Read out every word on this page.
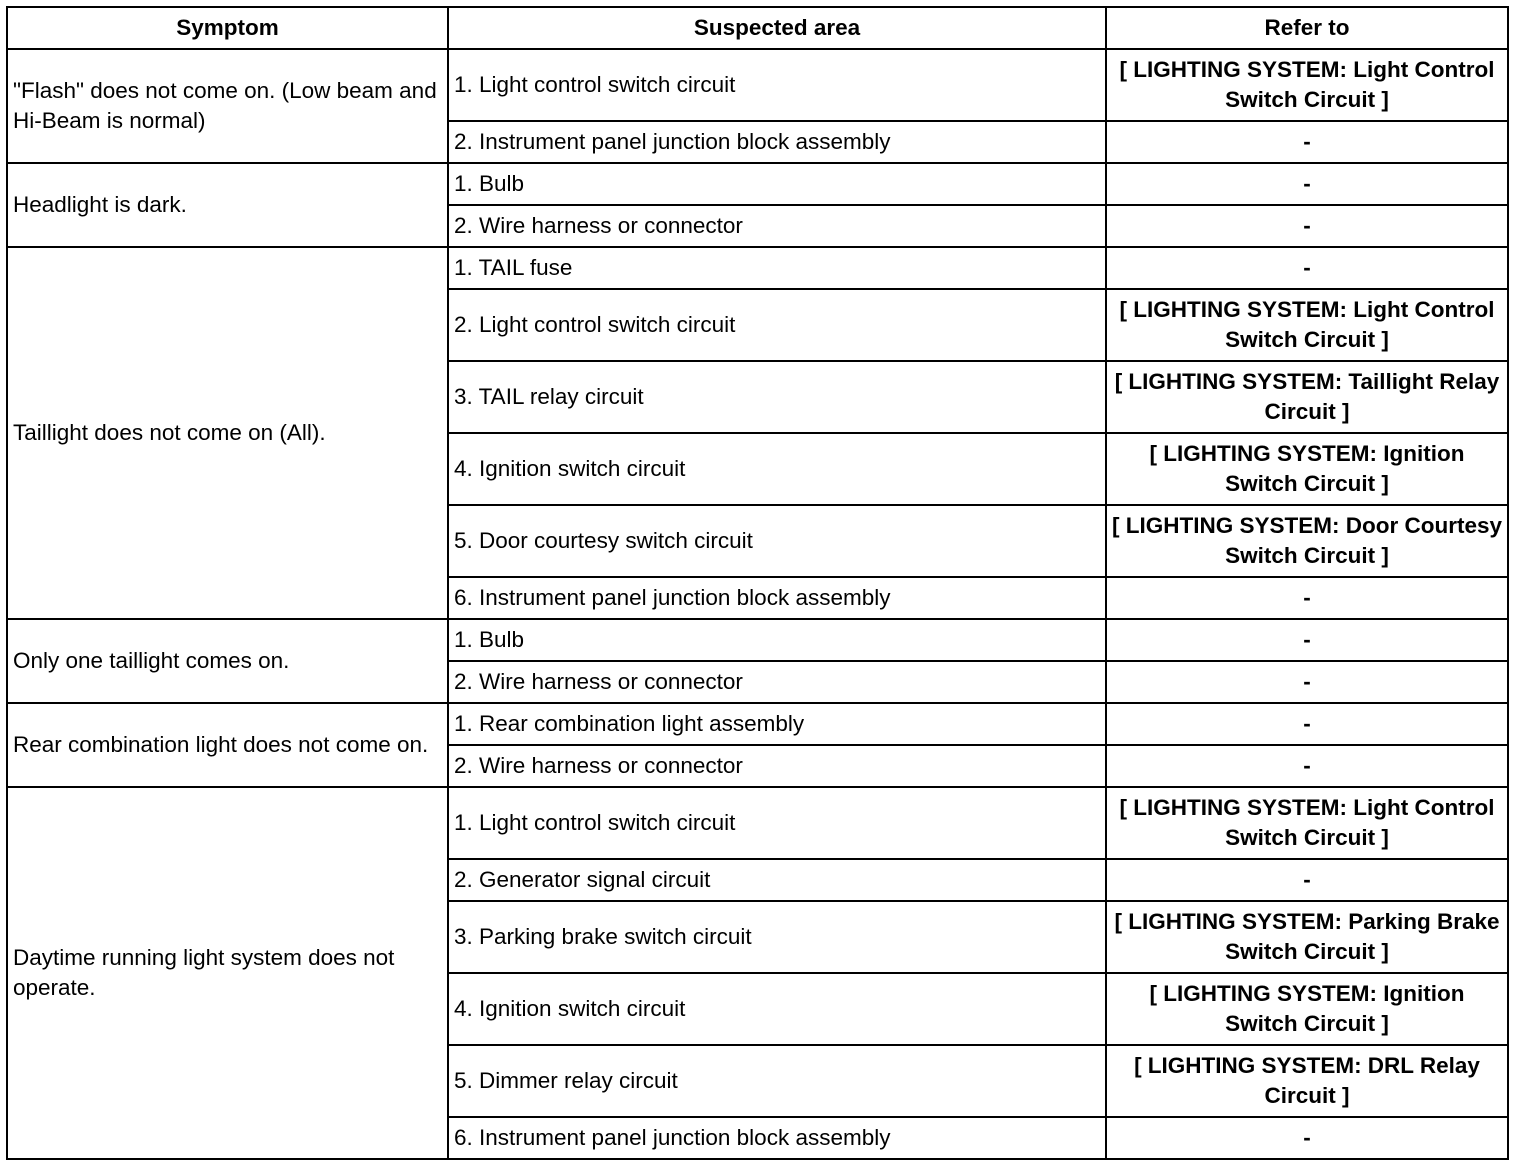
Symptom	Suspected area	Refer to
"Flash" does not come on. (Low beam and Hi-Beam is normal)	1. Light control switch circuit	[ LIGHTING SYSTEM: Light Control Switch Circuit ]
	2. Instrument panel junction block assembly	-
Headlight is dark.	1. Bulb	-
	2. Wire harness or connector	-
Taillight does not come on (All).	1. TAIL fuse	-
	2. Light control switch circuit	[ LIGHTING SYSTEM: Light Control Switch Circuit ]
	3. TAIL relay circuit	[ LIGHTING SYSTEM: Taillight Relay Circuit ]
	4. Ignition switch circuit	[ LIGHTING SYSTEM: Ignition Switch Circuit ]
	5. Door courtesy switch circuit	[ LIGHTING SYSTEM: Door Courtesy Switch Circuit ]
	6. Instrument panel junction block assembly	-
Only one taillight comes on.	1. Bulb	-
	2. Wire harness or connector	-
Rear combination light does not come on.	1. Rear combination light assembly	-
	2. Wire harness or connector	-
Daytime running light system does not operate.	1. Light control switch circuit	[ LIGHTING SYSTEM: Light Control Switch Circuit ]
	2. Generator signal circuit	-
	3. Parking brake switch circuit	[ LIGHTING SYSTEM: Parking Brake Switch Circuit ]
	4. Ignition switch circuit	[ LIGHTING SYSTEM: Ignition Switch Circuit ]
	5. Dimmer relay circuit	[ LIGHTING SYSTEM: DRL Relay Circuit ]
	6. Instrument panel junction block assembly	-
